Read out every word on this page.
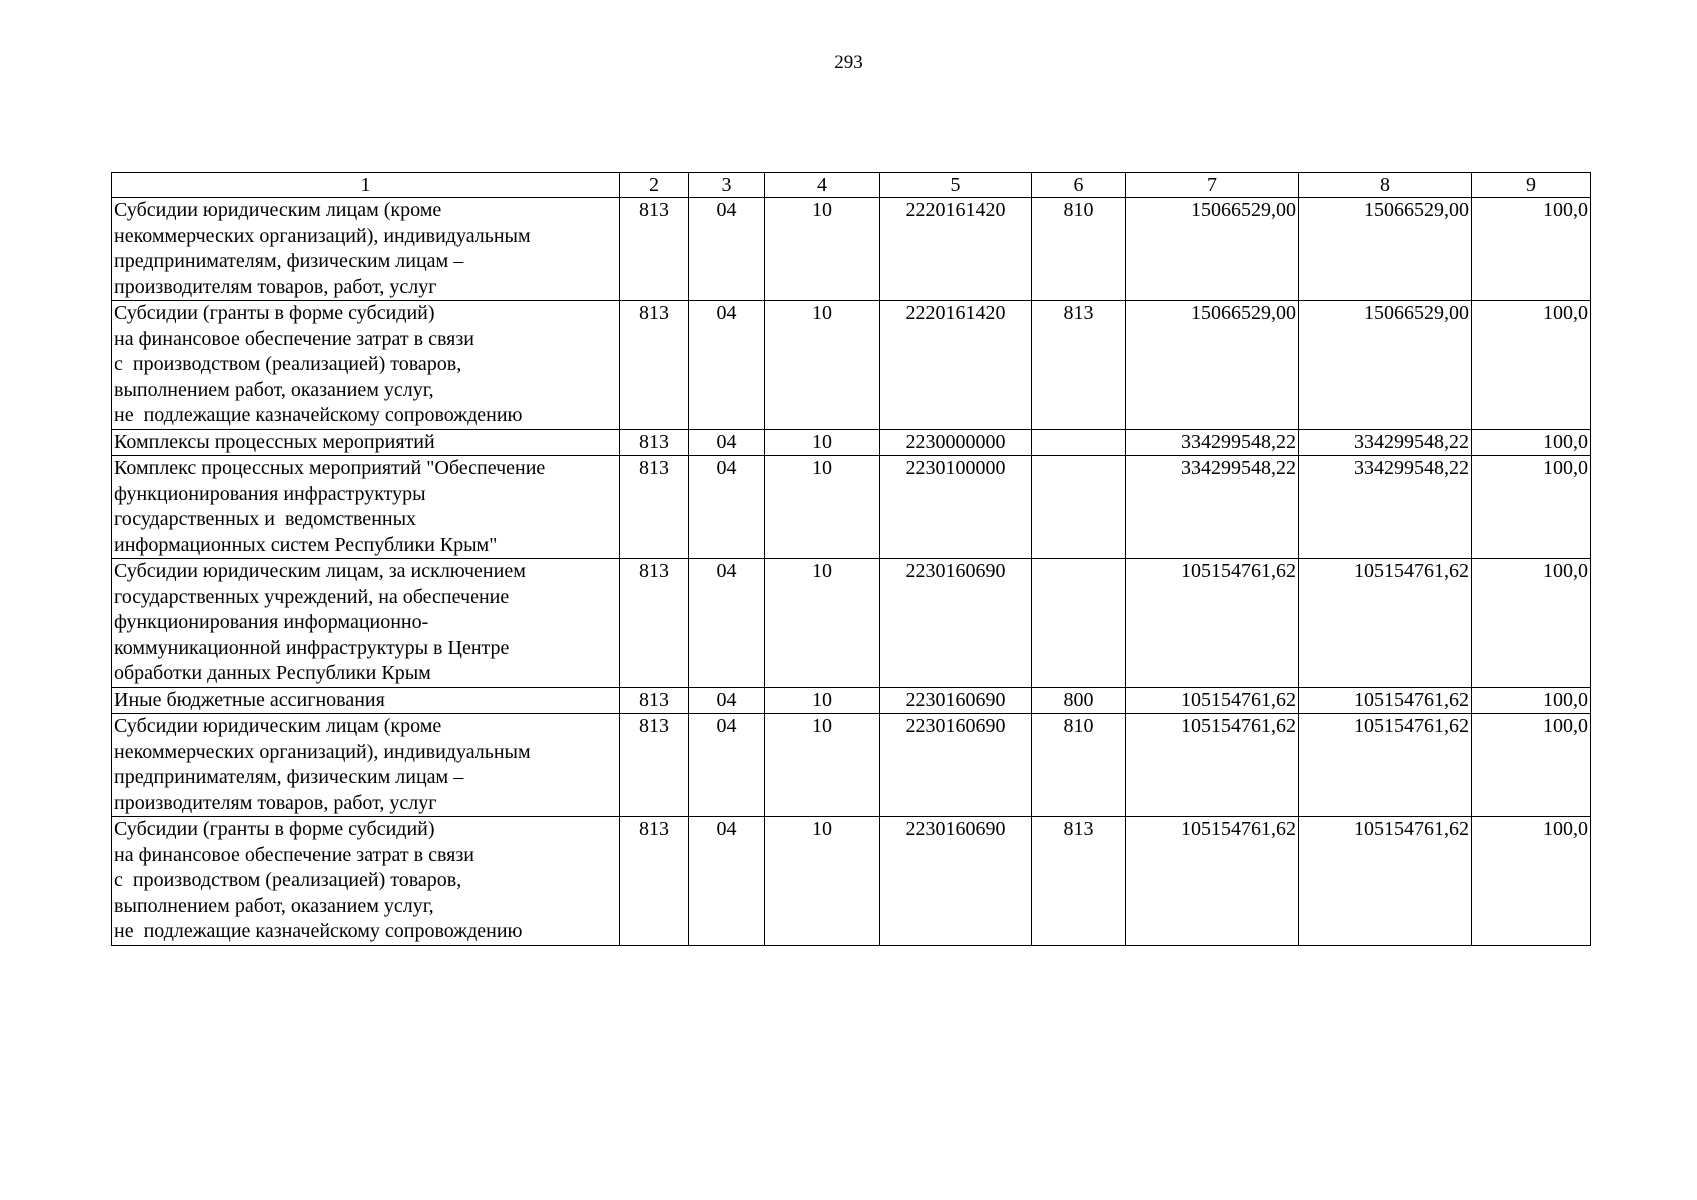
293
1	2	3	4	5	6	7	8	9

Субсидии юридическим лицам (кроме
некоммерческих организаций), индивидуальным
предпринимателям, физическим лицам –
производителям товаров, работ, услуг	813	04	10	2220161420	810	15066529,00	15066529,00	100,0

Субсидии (гранты в форме субсидий)
на финансовое обеспечение затрат в связи
с  производством (реализацией) товаров,
выполнением работ, оказанием услуг,
не  подлежащие казначейскому сопровождению	813	04	10	2220161420	813	15066529,00	15066529,00	100,0

Комплексы процессных мероприятий	813	04	10	2230000000		334299548,22	334299548,22	100,0

Комплекс процессных мероприятий "Обеспечение
функционирования инфраструктуры
государственных и  ведомственных
информационных систем Республики Крым"	813	04	10	2230100000		334299548,22	334299548,22	100,0

Субсидии юридическим лицам, за исключением
государственных учреждений, на обеспечение
функционирования информационно-
коммуникационной инфраструктуры в Центре
обработки данных Республики Крым	813	04	10	2230160690		105154761,62	105154761,62	100,0

Иные бюджетные ассигнования	813	04	10	2230160690	800	105154761,62	105154761,62	100,0

Субсидии юридическим лицам (кроме
некоммерческих организаций), индивидуальным
предпринимателям, физическим лицам –
производителям товаров, работ, услуг	813	04	10	2230160690	810	105154761,62	105154761,62	100,0

Субсидии (гранты в форме субсидий)
на финансовое обеспечение затрат в связи
с  производством (реализацией) товаров,
выполнением работ, оказанием услуг,
не  подлежащие казначейскому сопровождению	813	04	10	2230160690	813	105154761,62	105154761,62	100,0
